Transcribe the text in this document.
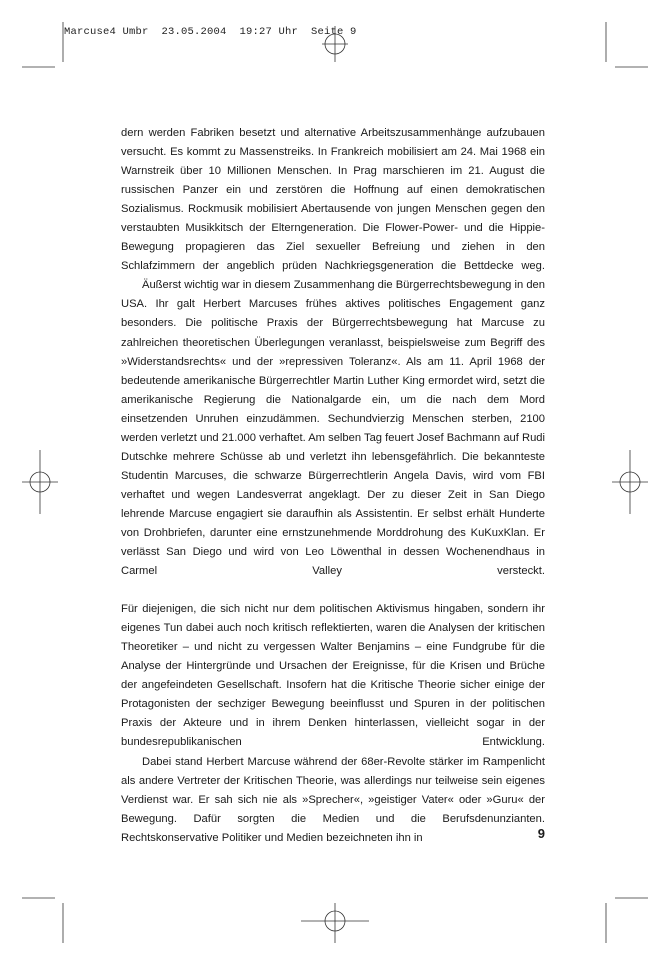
Marcuse4 Umbr  23.05.2004  19:27 Uhr  Seite 9

dern werden Fabriken besetzt und alternative Arbeitszusammenhänge aufzubauen versucht. Es kommt zu Massenstreiks. In Frankreich mobilisiert am 24. Mai 1968 ein Warnstreik über 10 Millionen Menschen. In Prag marschieren im 21. August die russischen Panzer ein und zerstören die Hoffnung auf einen demokratischen Sozialismus. Rockmusik mobilisiert Abertausende von jungen Menschen gegen den verstaubten Musikkitsch der Elterngeneration. Die Flower-Power- und die Hippie-Bewegung propagieren das Ziel sexueller Befreiung und ziehen in den Schlafzimmern der angeblich prüden Nachkriegsgeneration die Bettdecke weg.

Äußerst wichtig war in diesem Zusammenhang die Bürgerrechtsbewegung in den USA. Ihr galt Herbert Marcuses frühes aktives politisches Engagement ganz besonders. Die politische Praxis der Bürgerrechtsbewegung hat Marcuse zu zahlreichen theoretischen Überlegungen veranlasst, beispielsweise zum Begriff des »Widerstandsrechts« und der »repressiven Toleranz«. Als am 11. April 1968 der bedeutende amerikanische Bürgerrechtler Martin Luther King ermordet wird, setzt die amerikanische Regierung die Nationalgarde ein, um die nach dem Mord einsetzenden Unruhen einzudämmen. Sechundvierzig Menschen sterben, 2100 werden verletzt und 21.000 verhaftet. Am selben Tag feuert Josef Bachmann auf Rudi Dutschke mehrere Schüsse ab und verletzt ihn lebensgefährlich. Die bekannteste Studentin Marcuses, die schwarze Bürgerrechtlerin Angela Davis, wird vom FBI verhaftet und wegen Landesverrat angeklagt. Der zu dieser Zeit in San Diego lehrende Marcuse engagiert sie daraufhin als Assistentin. Er selbst erhält Hunderte von Drohbriefen, darunter eine ernstzunehmende Morddrohung des KuKuxKlan. Er verlässt San Diego und wird von Leo Löwenthal in dessen Wochenendhaus in Carmel Valley versteckt.

Für diejenigen, die sich nicht nur dem politischen Aktivismus hingaben, sondern ihr eigenes Tun dabei auch noch kritisch reflektierten, waren die Analysen der kritischen Theoretiker – und nicht zu vergessen Walter Benjamins – eine Fundgrube für die Analyse der Hintergründe und Ursachen der Ereignisse, für die Krisen und Brüche der angefeindeten Gesellschaft. Insofern hat die Kritische Theorie sicher einige der Protagonisten der sechziger Bewegung beeinflusst und Spuren in der politischen Praxis der Akteure und in ihrem Denken hinterlassen, vielleicht sogar in der bundesrepublikanischen Entwicklung.

Dabei stand Herbert Marcuse während der 68er-Revolte stärker im Rampenlicht als andere Vertreter der Kritischen Theorie, was allerdings nur teilweise sein eigenes Verdienst war. Er sah sich nie als »Sprecher«, »geistiger Vater« oder »Guru« der Bewegung. Dafür sorgten die Medien und die Berufsdenunzianten. Rechtskonservative Politiker und Medien bezeichneten ihn in	9
